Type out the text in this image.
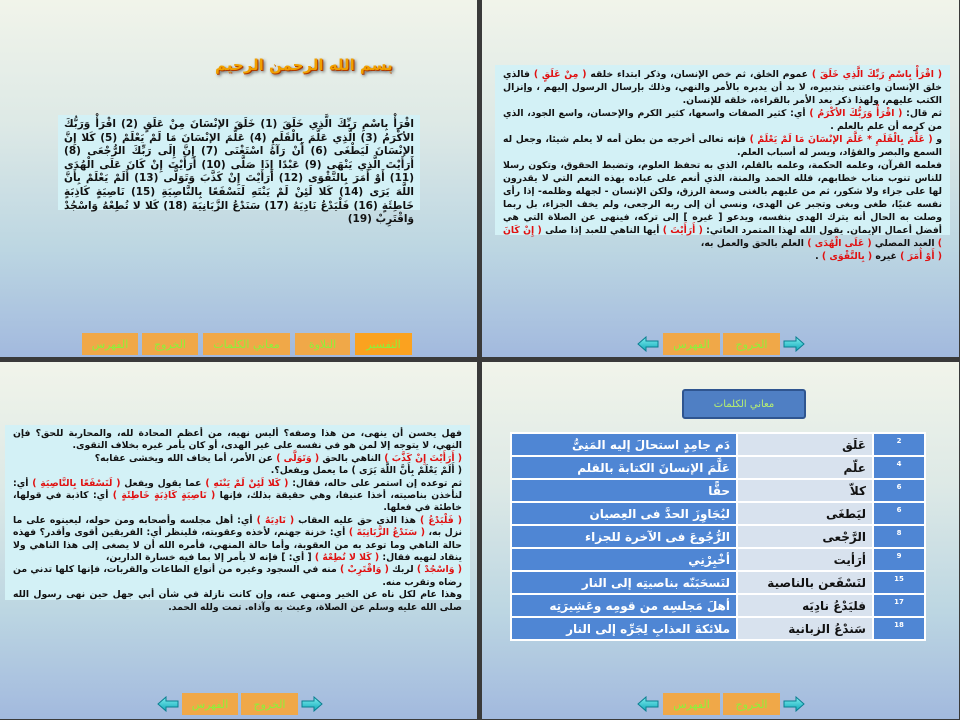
بسم الله الرحمن الرحيم
اقْرَأْ بِاسْمِ رَبِّكَ الَّذِي خَلَقَ (1) خَلَقَ الإنْسَانَ مِنْ عَلَقٍ (2) اقْرَأْ وَرَبُّكَ الأكْرَمُ (3) الَّذِي عَلَّمَ بِالْقَلَمِ (4) عَلَّمَ الإنْسَانَ مَا لَمْ يَعْلَمْ (5) كَلا إِنَّ الإنْسَانَ لَيَطْغَى (6) أَنْ رَآهُ اسْتَغْنَى (7) إِنَّ إِلَى رَبِّكَ الرُّجْعَى (8) أَرَأَيْتَ الَّذِي يَنْهَى (9) عَبْدًا إِذَا صَلَّى (10) أَرَأَيْتَ إِنْ كَانَ عَلَى الْهُدَى (11) أَوْ أَمَرَ بِالتَّقْوَى (12) أَرَأَيْتَ إِنْ كَذَّبَ وَتَوَلَّى (13) أَلَمْ يَعْلَمْ بِأَنَّ اللَّهَ يَرَى (14) كَلا لَئِنْ لَمْ يَنْتَهِ لَنَسْفَعًا بِالنَّاصِيَةِ (15) نَاصِيَةٍ كَاذِبَةٍ خَاطِئَةٍ (16) فَلْيَدْعُ نَادِيَهُ (17) سَنَدْعُ الزَّبَانِيَةَ (18) كَلا لا تُطِعْهُ وَاسْجُدْ وَاقْتَرِبْ (19)
التفسير
التلاوة
معاني الكلمات
الخروج
الفهرس

( اقْرَأْ بِاسْمِ رَبِّكَ الَّذِي خَلَقَ ) عموم الخلق، ثم خص الإنسان، وذكر ابتداء خلقه ( مِنْ عَلَقٍ ) فالذي خلق الإنسان واعتنى بتدبيره، لا بد أن يدبره بالأمر والنهي، وذلك بإرسال الرسول إليهم ، وإنزال الكتب عليهم، ولهذا ذكر بعد الأمر بالقراءة، خلقه للإنسان.

ثم قال: ( اقْرَأْ وَرَبُّكَ الأكْرَمُ ) أي: كثير الصفات واسعها، كثير الكرم والإحسان، واسع الجود، الذي من كرمه أن علم بالعلم .

و ( عَلَّمَ بِالْقَلَمِ * عَلَّمَ الإنْسَانَ مَا لَمْ يَعْلَمْ ) فإنه تعالى أخرجه من بطن أمه لا يعلم شيئا، وجعل له السمع والبصر والفؤاد، ويسر له أسباب العلم.

فعلمه القرآن، وعلمه الحكمة، وعلمه بالقلم، الذي به تحفظ العلوم، وتضبط الحقوق، وتكون رسلا للناس تنوب مناب خطابهم، فلله الحمد والمنة، الذي أنعم على عباده بهذه النعم التي لا يقدرون لها على جزاء ولا شكور، ثم من عليهم بالغنى وسعة الرزق، ولكن الإنسان - لجهله وظلمه- إذا رأى نفسه غنيًا، طغى وبغى وتجبر عن الهدى، ونسي أن إلى ربه الرجعى، ولم يخف الجزاء، بل ربما وصلت به الحال أنه يترك الهدى بنفسه، ويدعو [ غيره ] إلى تركه، فينهى عن الصلاة التي هي أفضل أعمال الإيمان. يقول الله لهذا المتمرد العاتي: ( أَرَأَيْتَ ) أيها الناهي للعبد إذا صلى ( إِنْ كَانَ ) العبد المصلي ( عَلَى الْهُدَى ) العلم بالحق والعمل به،

( أَوْ أَمَرَ ) غيره ( بِالتَّقْوَى ) .

الفهرس	الخروج

فهل يحسن أن ينهى، من هذا وصفه؟ أليس نهيه، من أعظم المحادة لله، والمحاربة للحق؟ فإن النهي، لا يتوجه إلا لمن هو في نفسه على غير الهدى، أو كان يأمر غيره بخلاف التقوى.

( أَرَأَيْتَ إِنْ كَذَّبَ ) الناهي بالحق ( وَتَوَلَّى ) عن الأمر، أما يخاف الله ويخشى عقابه؟

( أَلَمْ يَعْلَمْ بِأَنَّ اللَّهَ يَرَى ) ما يعمل ويفعل؟.

ثم توعده إن استمر على حاله، فقال: ( كَلا لَئِنْ لَمْ يَنْتَهِ ) عما يقول ويفعل ( لَنَسْفَعًا بِالنَّاصِيَةِ ) أي: لنأخذن بناصيته، أخذا عنيفا، وهي حقيقة بذلك، فإنها ( نَاصِيَةٍ كَاذِبَةٍ خَاطِئَةٍ ) أي: كاذبة في قولها، خاطئة في فعلها.

( فَلْيَدْعُ ) هذا الذي حق عليه العقاب ( نَادِيَهُ ) أي: أهل مجلسه وأصحابه ومن حوله، ليعينوه على ما نزل به، ( سَنَدْعُ الزَّبَانِيَةَ ) أي: خزنة جهنم، لأخذه وعقوبته، فلينظر أي: الفريقين أقوى وأقدر؟ فهذه حالة الناهي وما توعد به من العقوبة، وأما حالة المنهي، فأمره الله أن لا يصغى إلى هذا الناهي ولا ينقاد لنهيه فقال: ( كَلا لا تُطِعْهُ ) [ أي: ] فإنه لا يأمر إلا بما فيه خسارة الدارين،

( وَاسْجُدْ ) لربك ( وَاقْتَرِبْ ) منه في السجود وغيره من أنواع الطاعات والقربات، فإنها كلها تدني من رضاه وتقرب منه.

وهذا عام لكل ناه عن الخير ومنهي عنه، وإن كانت نازلة في شأن أبي جهل حين نهى رسول الله صلى الله عليه وسلم عن الصلاة، وعبث به وآذاه. تمت ولله الحمد.

الفهرس	الخروج
معاني الكلمات
2	عَلَق	دَم جامِدٍ استحالَ إليه المَنِىُّ
4	علّم	عَلَّمَ الإنسانَ الكتابةَ بالقلم
6	كلاّ	حقًّا
6	ليَطغَى	ليُجَاوِزَ الحدَّ فى العِصيان
8	الرَّجْعى	الرُّجُوعَ فى الآخرة للجزاء
9	أرَأيت	أخْبِرْنِي
15	لنَسْفَعن بالناصية	لنَسحَبَنّه بناصيتِه إلى النار
17	فليَدْعُ نادِيَه	أهلَ مَجلسِه من قومِه وعَشِيرَتِه
18	سَندْعُ الزبانية	ملائكةَ العذابِ لِجَرِّه إلى النار
الفهرس	الخروج
